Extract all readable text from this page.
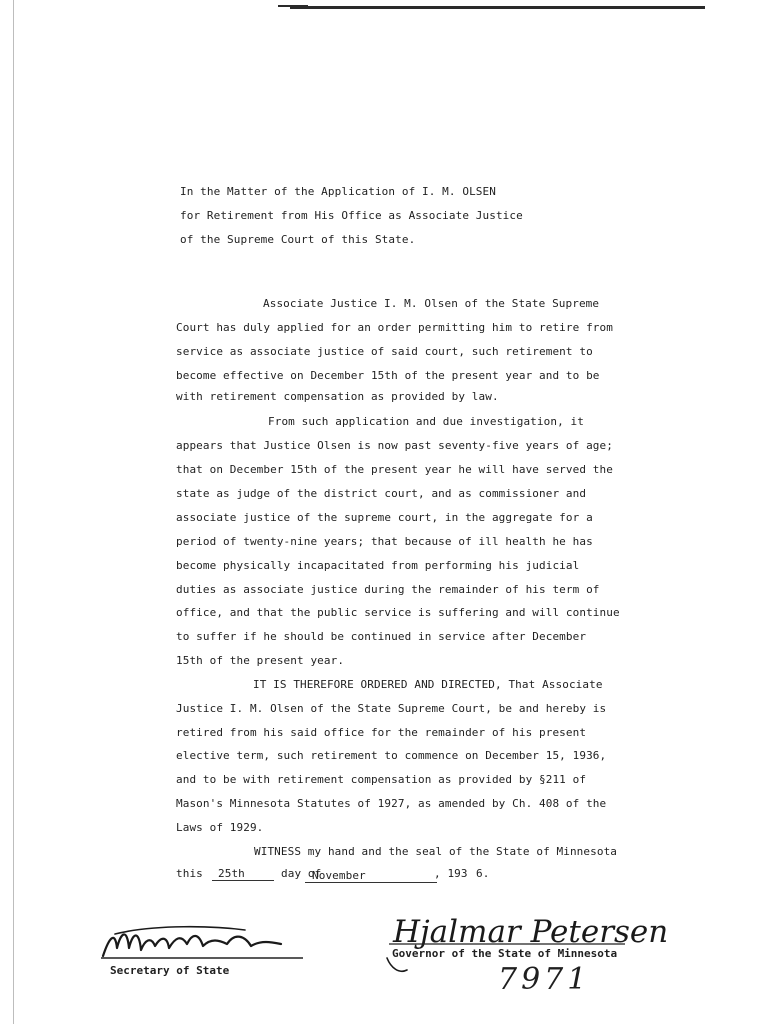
In the Matter of the Application of I. M. OLSEN
for Retirement from His Office as Associate Justice
of the Supreme Court of this State.
Associate Justice I. M. Olsen of the State Supreme
Court has duly applied for an order permitting him to retire from
service as associate justice of said court, such retirement to
become effective on December 15th of the present year and to be
with retirement compensation as provided by law.
From such application and due investigation, it
appears that Justice Olsen is now past seventy-five years of age;
that on December 15th of the present year he will have served the
state as judge of the district court, and as commissioner and
associate justice of the supreme court, in the aggregate for a
period of twenty-nine years; that because of ill health he has
become physically incapacitated from performing his judicial
duties as associate justice during the remainder of his term of
office, and that the public service is suffering and will continue
to suffer if he should be continued in service after December
15th of the present year.
IT IS THEREFORE ORDERED AND DIRECTED, That Associate
Justice I. M. Olsen of the State Supreme Court, be and hereby is
retired from his said office for the remainder of his present
elective term, such retirement to commence on December 15, 1936,
and to be with retirement compensation as provided by §211 of
Mason's Minnesota Statutes of 1927, as amended by Ch. 408 of the
Laws of 1929.
WITNESS my hand and the seal of the State of Minnesota
this 25th	day of
November	, 193 6.
Secretary of State
Hjalmar Petersen
Governor of the State of Minnesota
7971
